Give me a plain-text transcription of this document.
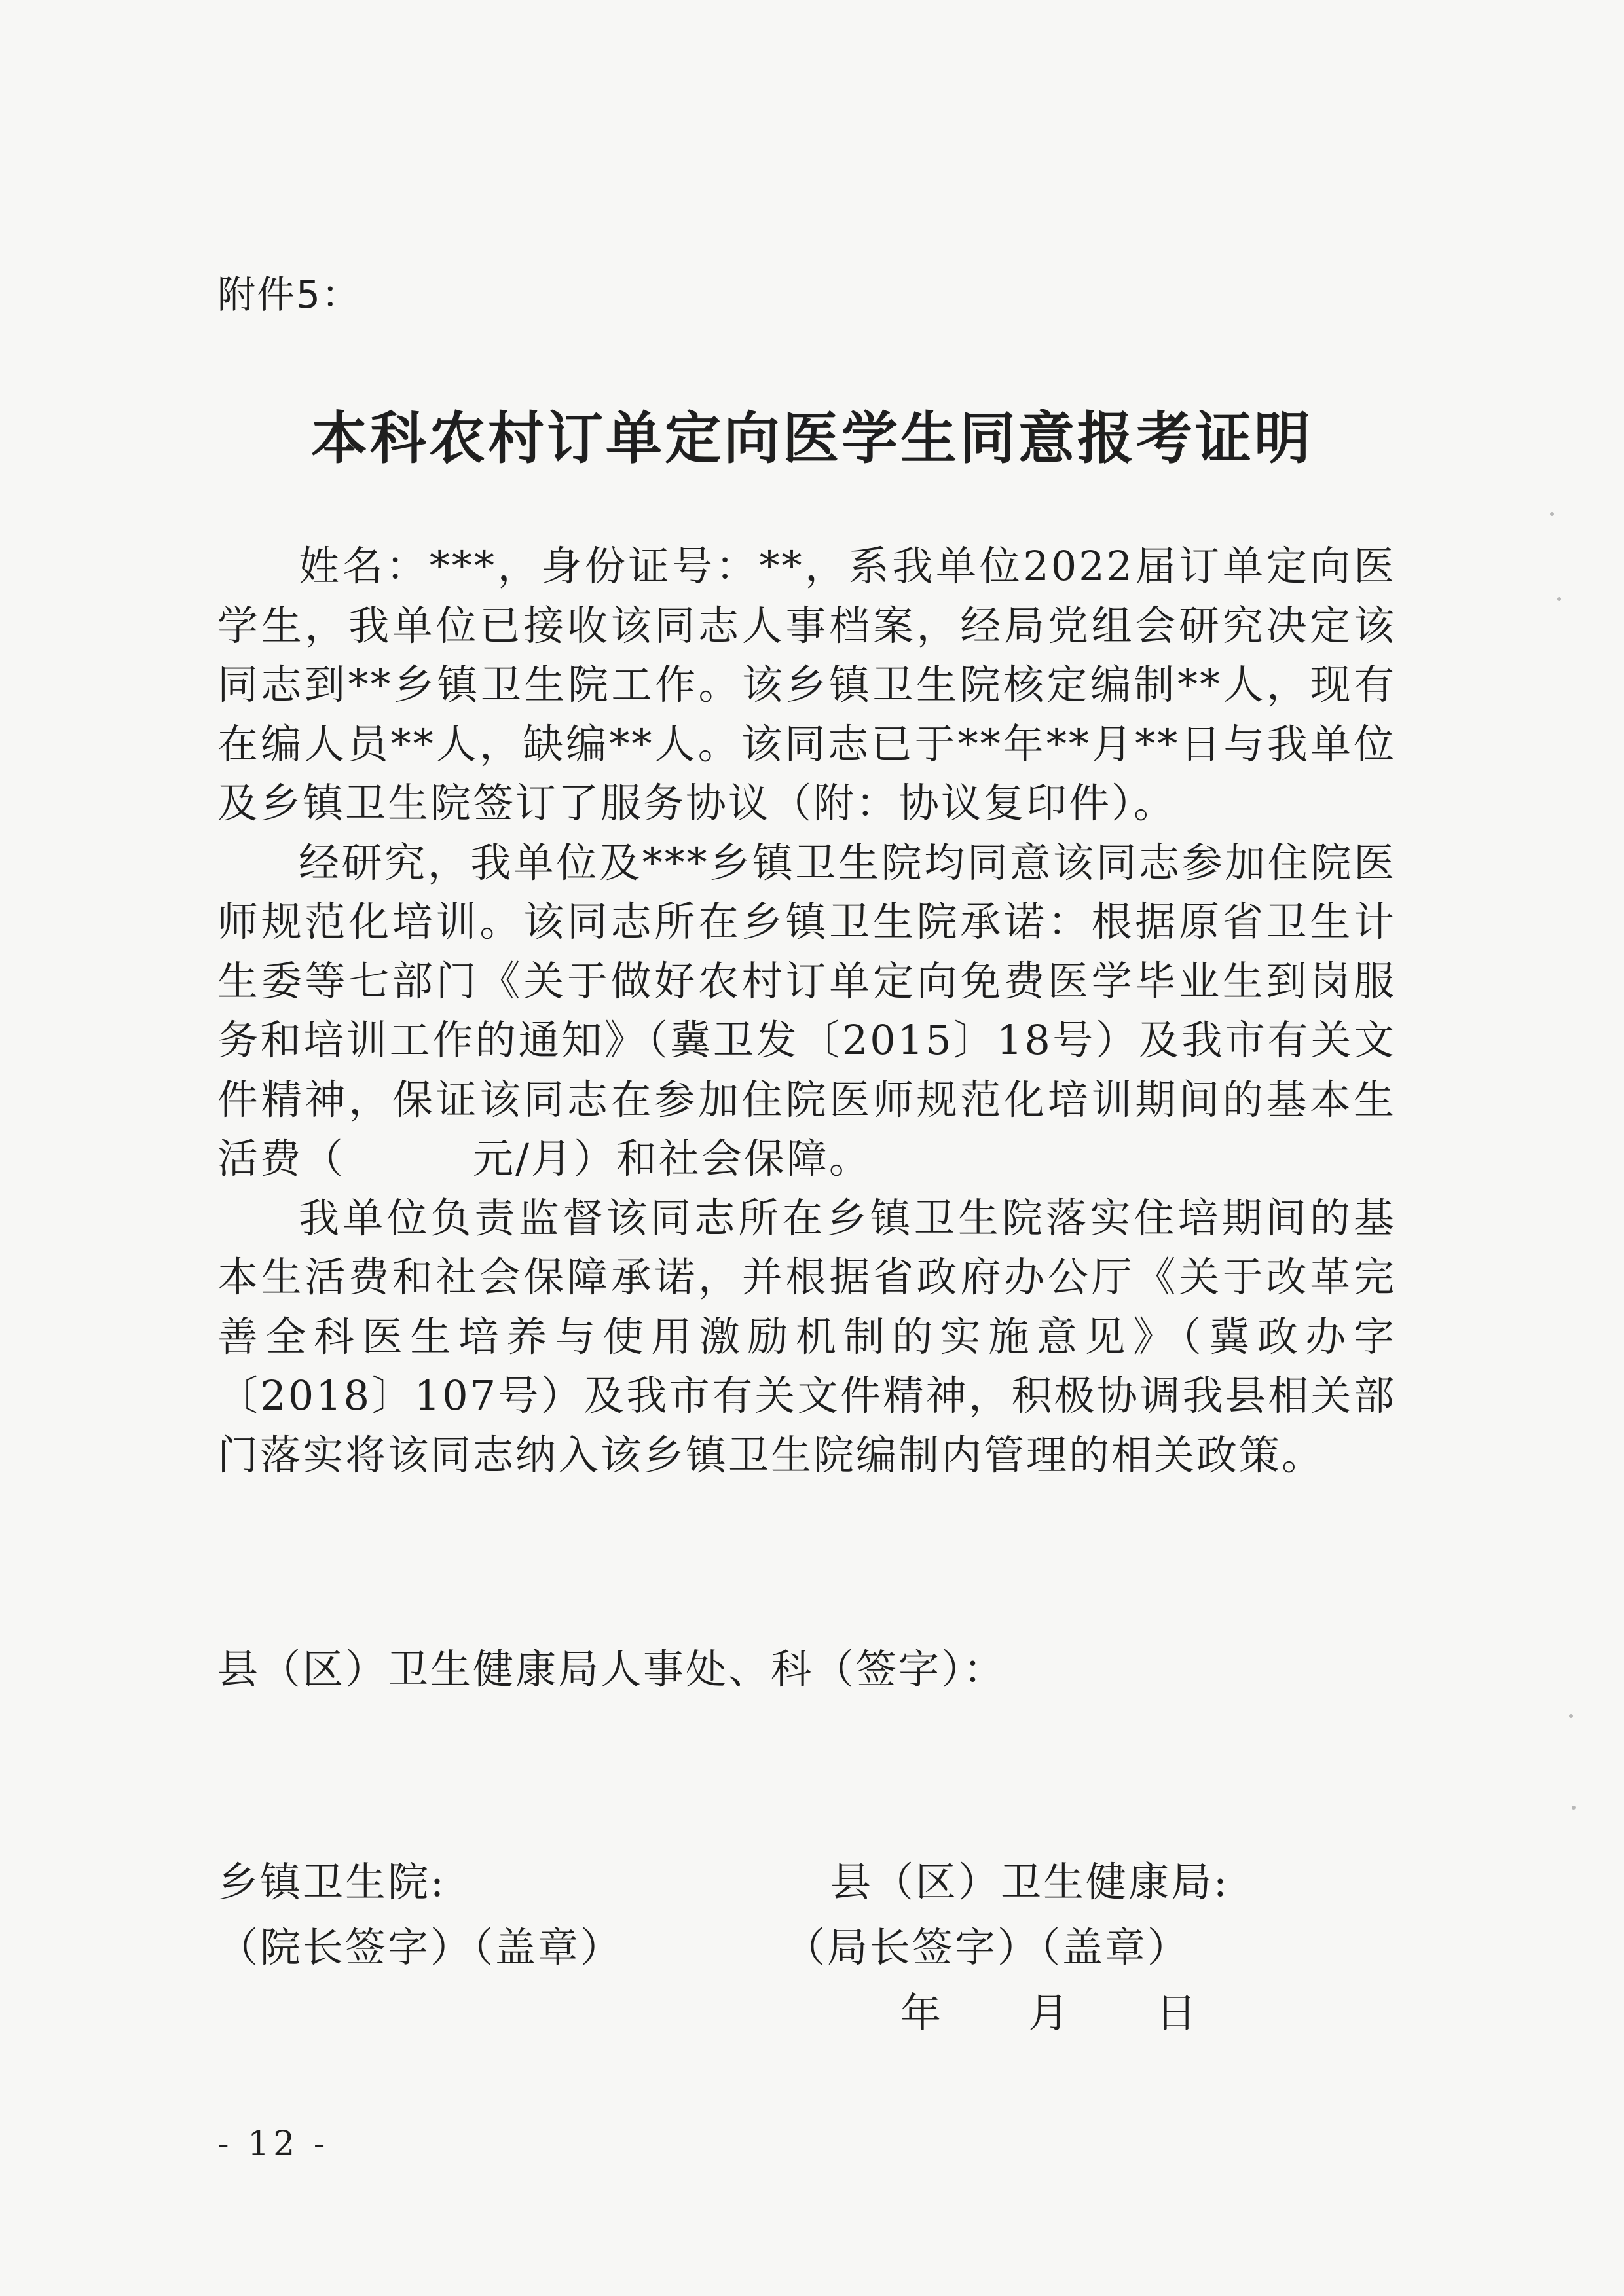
附件5：
本科农村订单定向医学生同意报考证明

姓名：***，身份证号：**，系我单位2022届订单定向医学生，我单位已接收该同志人事档案，经局党组会研究决定该同志到**乡镇卫生院工作。该乡镇卫生院核定编制**人，现有在编人员**人，缺编**人。该同志已于**年**月**日与我单位及乡镇卫生院签订了服务协议（附：协议复印件）。

经研究，我单位及***乡镇卫生院均同意该同志参加住院医师规范化培训。该同志所在乡镇卫生院承诺：根据原省卫生计生委等七部门《关于做好农村订单定向免费医学毕业生到岗服务和培训工作的通知》（冀卫发〔2015〕18号）及我市有关文件精神，保证该同志在参加住院医师规范化培训期间的基本生活费（　　　元/月）和社会保障。

我单位负责监督该同志所在乡镇卫生院落实住培期间的基本生活费和社会保障承诺，并根据省政府办公厅《关于改革完善全科医生培养与使用激励机制的实施意见》（冀政办字〔2018〕107号）及我市有关文件精神，积极协调我县相关部门落实将该同志纳入该乡镇卫生院编制内管理的相关政策。

县（区）卫生健康局人事处、科（签字）：
乡镇卫生院:
（院长签字）（盖章）
县（区）卫生健康局:
（局长签字）（盖章）
年　　月　　日
- 12 -
